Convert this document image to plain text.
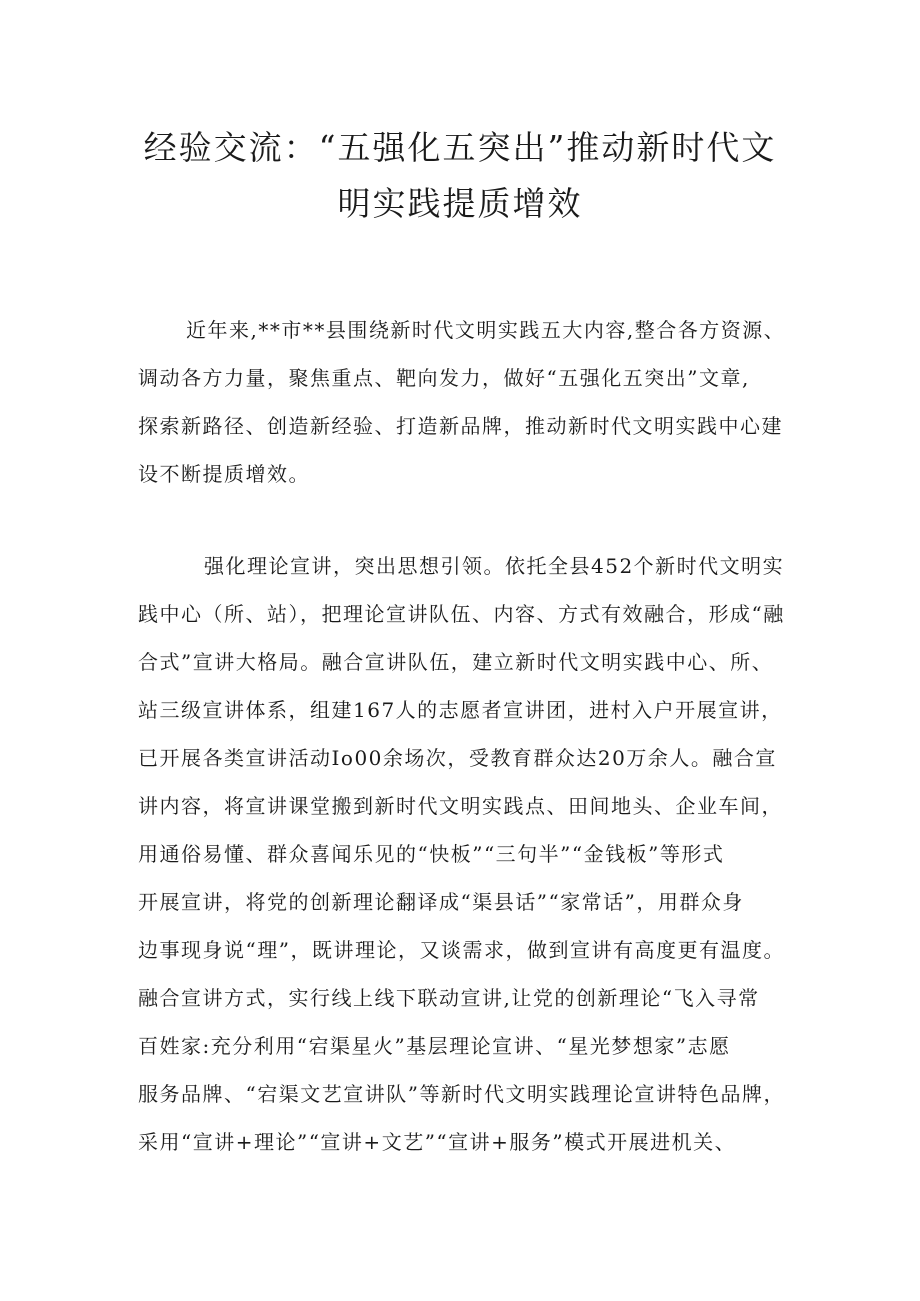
经验交流：“五强化五突出”推动新时代文
明实践提质增效
近年来,**市**县围绕新时代文明实践五大内容,整合各方资源、
调动各方力量，聚焦重点、靶向发力，做好“五强化五突出”文章,
探索新路径、创造新经验、打造新品牌，推动新时代文明实践中心建
设不断提质增效。
强化理论宣讲，突出思想引领。依托全县452个新时代文明实
践中心（所、站），把理论宣讲队伍、内容、方式有效融合，形成“融
合式”宣讲大格局。融合宣讲队伍，建立新时代文明实践中心、所、
站三级宣讲体系，组建167人的志愿者宣讲团，进村入户开展宣讲，
已开展各类宣讲活动Io00余场次，受教育群众达20万余人。融合宣
讲内容，将宣讲课堂搬到新时代文明实践点、田间地头、企业车间，
用通俗易懂、群众喜闻乐见的“快板”“三句半”“金钱板”等形式
开展宣讲，将党的创新理论翻译成“渠县话”“家常话”，用群众身
边事现身说“理”，既讲理论，又谈需求，做到宣讲有高度更有温度。
融合宣讲方式，实行线上线下联动宣讲,让党的创新理论“飞入寻常
百姓家:充分利用“宕渠星火”基层理论宣讲、“星光梦想家”志愿
服务品牌、“宕渠文艺宣讲队”等新时代文明实践理论宣讲特色品牌，
采用“宣讲+理论”“宣讲+文艺”“宣讲+服务”模式开展进机关、
